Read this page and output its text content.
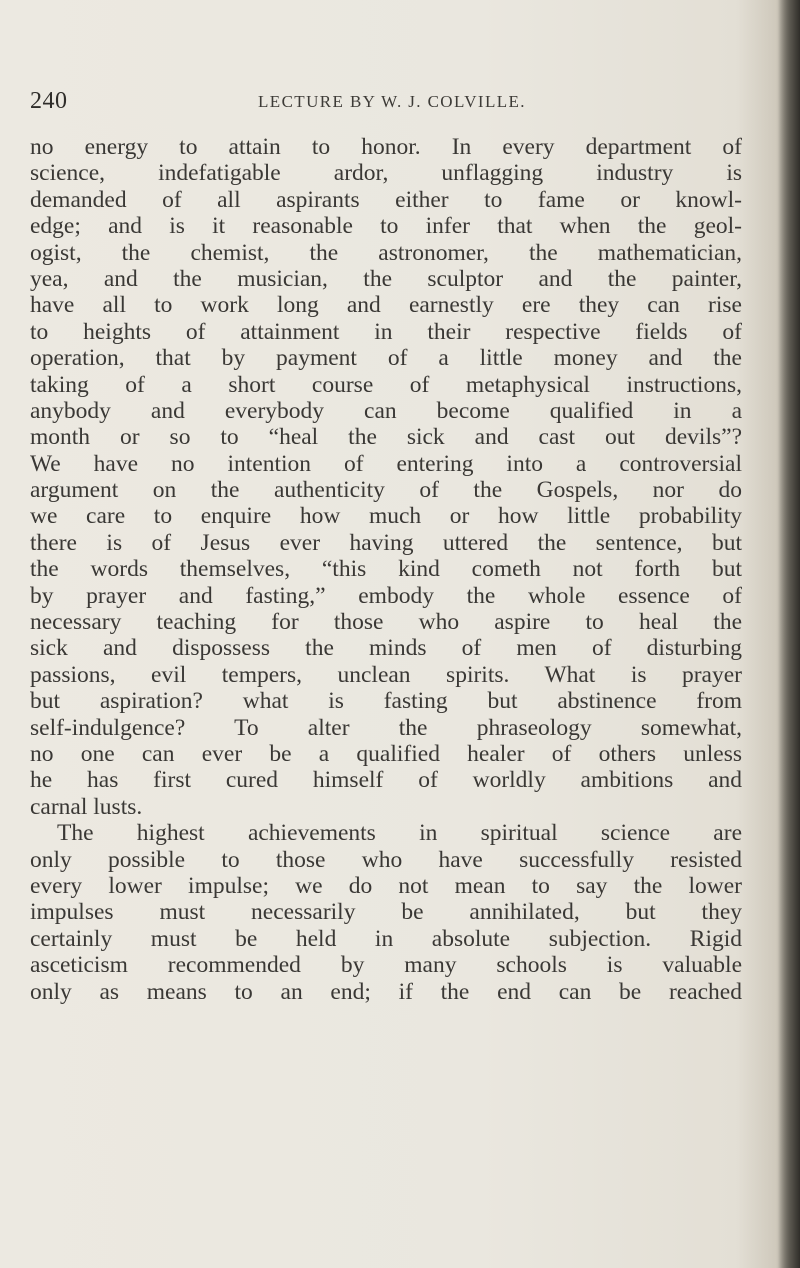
240	LECTURE BY W. J. COLVILLE.
no energy to attain to honor. In every department of
science, indefatigable ardor, unflagging industry is
demanded of all aspirants either to fame or knowl-
edge; and is it reasonable to infer that when the geol-
ogist, the chemist, the astronomer, the mathematician,
yea, and the musician, the sculptor and the painter,
have all to work long and earnestly ere they can rise
to heights of attainment in their respective fields of
operation, that by payment of a little money and the
taking of a short course of metaphysical instructions,
anybody and everybody can become qualified in a
month or so to “heal the sick and cast out devils”?
We have no intention of entering into a controversial
argument on the authenticity of the Gospels, nor do
we care to enquire how much or how little probability
there is of Jesus ever having uttered the sentence, but
the words themselves, “this kind cometh not forth but
by prayer and fasting,” embody the whole essence of
necessary teaching for those who aspire to heal the
sick and dispossess the minds of men of disturbing
passions, evil tempers, unclean spirits. What is prayer
but aspiration? what is fasting but abstinence from
self-indulgence? To alter the phraseology somewhat,
no one can ever be a qualified healer of others unless
he has first cured himself of worldly ambitions and
carnal lusts.
The highest achievements in spiritual science are
only possible to those who have successfully resisted
every lower impulse; we do not mean to say the lower
impulses must necessarily be annihilated, but they
certainly must be held in absolute subjection. Rigid
asceticism recommended by many schools is valuable
only as means to an end; if the end can be reached
